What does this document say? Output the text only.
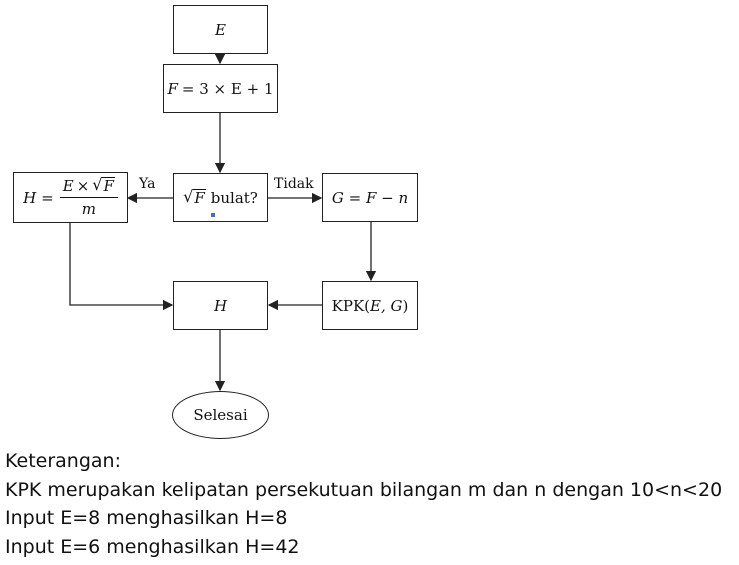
E
F = 3 × E + 1
√ F bulat?
$H = \frac{E \times √ F}{m}$ Ya	Tidak
G = F − n
H	KPK( E, G )
Selesai
Keterangan:
KPK merupakan kelipatan persekutuan bilangan m dan n dengan 10<n<20
Input E=8 menghasilkan H=8
Input E=6 menghasilkan H=42
